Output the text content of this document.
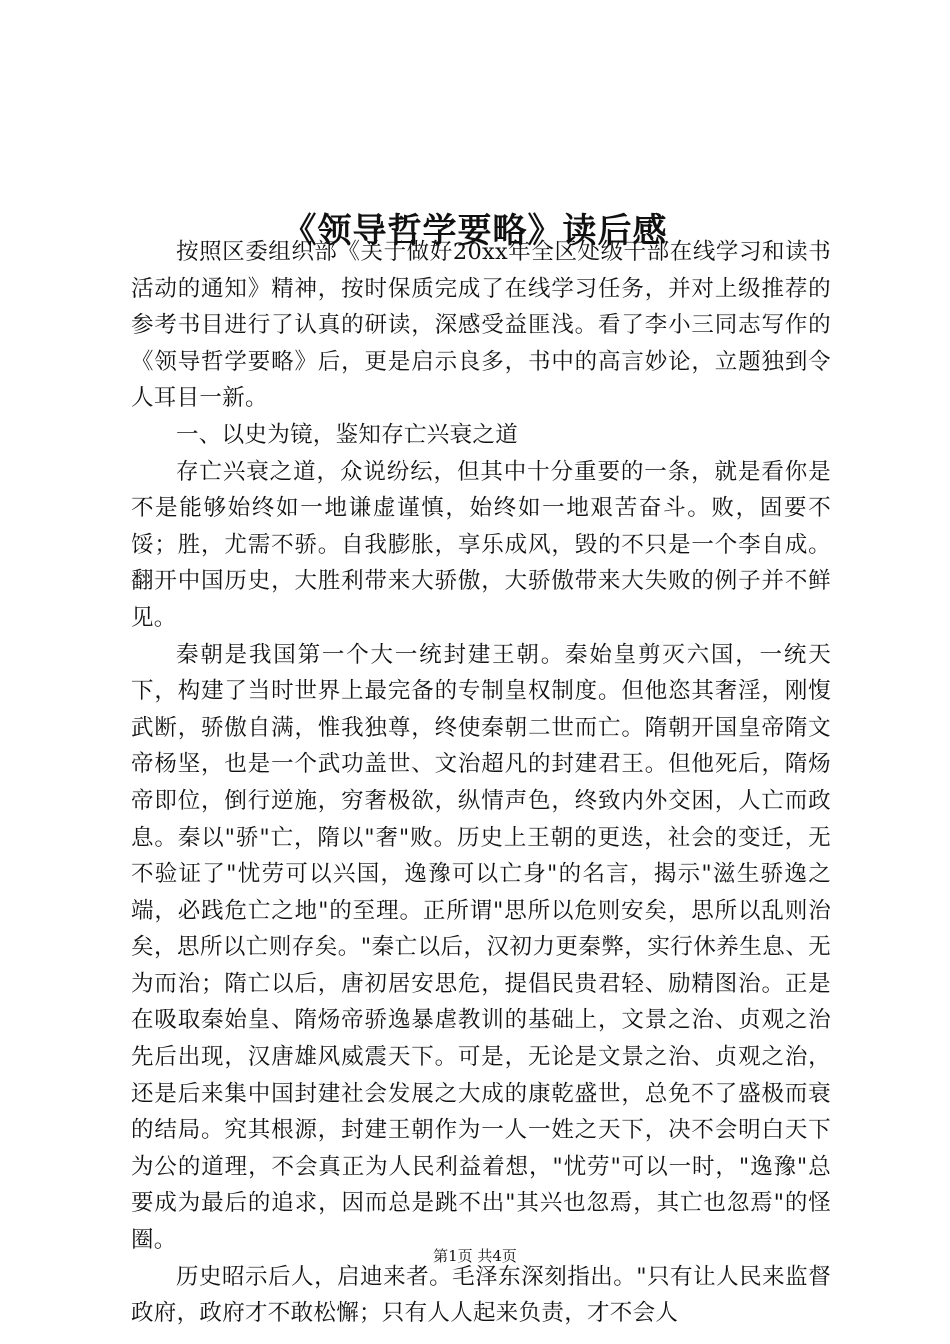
《领导哲学要略》读后感

按照区委组织部《关于做好20xx年全区处级干部在线学习和读书活动的通知》精神，按时保质完成了在线学习任务，并对上级推荐的参考书目进行了认真的研读，深感受益匪浅。看了李小三同志写作的《领导哲学要略》后，更是启示良多，书中的高言妙论，立题独到令人耳目一新。

一、以史为镜，鉴知存亡兴衰之道

存亡兴衰之道，众说纷纭，但其中十分重要的一条，就是看你是不是能够始终如一地谦虚谨慎，始终如一地艰苦奋斗。败，固要不馁；胜，尤需不骄。自我膨胀，享乐成风，毁的不只是一个李自成。翻开中国历史，大胜利带来大骄傲，大骄傲带来大失败的例子并不鲜见。

秦朝是我国第一个大一统封建王朝。秦始皇剪灭六国，一统天下，构建了当时世界上最完备的专制皇权制度。但他恣其奢淫，刚愎武断，骄傲自满，惟我独尊，终使秦朝二世而亡。隋朝开国皇帝隋文帝杨坚，也是一个武功盖世、文治超凡的封建君王。但他死后，隋炀帝即位，倒行逆施，穷奢极欲，纵情声色，终致内外交困，人亡而政息。秦以"骄"亡，隋以"奢"败。历史上王朝的更迭，社会的变迁，无不验证了"忧劳可以兴国，逸豫可以亡身"的名言，揭示"滋生骄逸之端，必践危亡之地"的至理。正所谓"思所以危则安矣，思所以乱则治矣，思所以亡则存矣。"秦亡以后，汉初力更秦弊，实行休养生息、无为而治；隋亡以后，唐初居安思危，提倡民贵君轻、励精图治。正是在吸取秦始皇、隋炀帝骄逸暴虐教训的基础上，文景之治、贞观之治先后出现，汉唐雄风威震天下。可是，无论是文景之治、贞观之治，还是后来集中国封建社会发展之大成的康乾盛世，总免不了盛极而衰的结局。究其根源，封建王朝作为一人一姓之天下，决不会明白天下为公的道理，不会真正为人民利益着想，"忧劳"可以一时，"逸豫"总要成为最后的追求，因而总是跳不出"其兴也忽焉，其亡也忽焉"的怪圈。

历史昭示后人，启迪来者。毛泽东深刻指出。"只有让人民来监督政府，政府才不敢松懈；只有人人起来负责，才不会人

第1页 共4页
